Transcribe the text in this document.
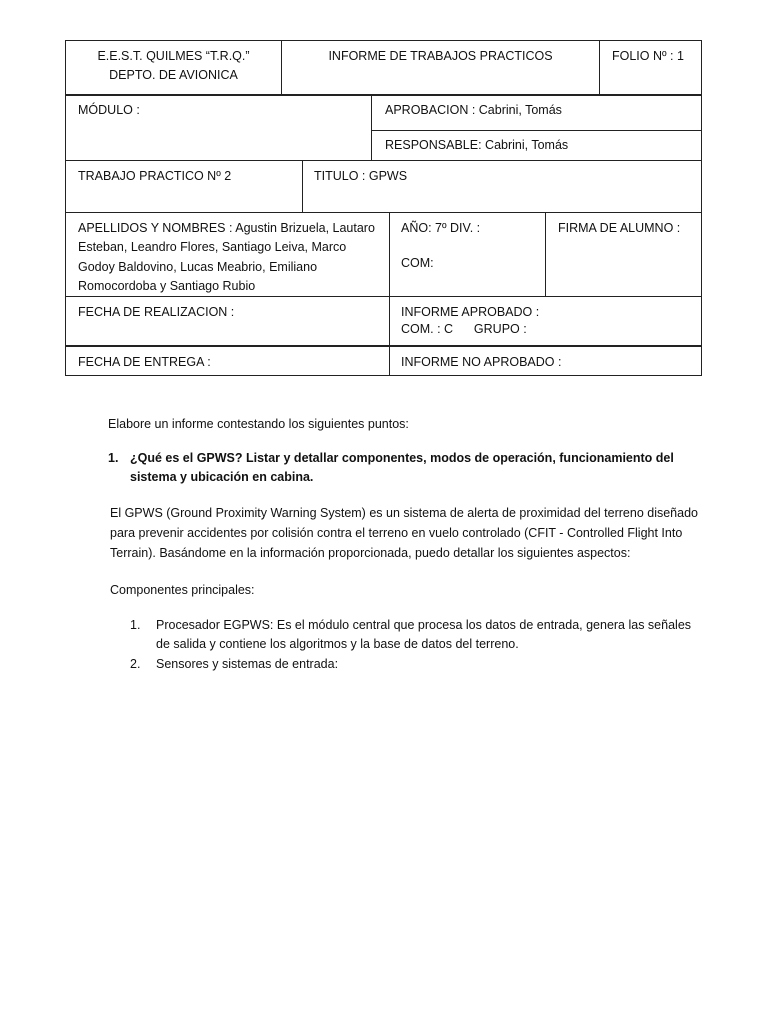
E.E.S.T. QUILMES “T.R.Q.”
DEPTO. DE AVIONICA
INFORME DE TRABAJOS PRACTICOS	FOLIO Nº : 1
MÓDULO :	APROBACION : Cabrini, Tomás
RESPONSABLE: Cabrini, Tomás
TRABAJO PRACTICO Nº 2	TITULO : GPWS
APELLIDOS Y NOMBRES : Agustin Brizuela, Lautaro Esteban, Leandro Flores, Santiago Leiva, Marco Godoy Baldovino, Lucas Meabrio, Emiliano Romocordoba y Santiago Rubio
AÑO: 7º DIV. :
COM:
FIRMA DE ALUMNO :
FECHA DE REALIZACION :	INFORME APROBADO :
COM. : C      GRUPO :
FECHA DE ENTREGA :	INFORME NO APROBADO :
Elabore un informe contestando los siguientes puntos:
1. ¿Qué es el GPWS? Listar y detallar componentes, modos de operación, funcionamiento del
sistema y ubicación en cabina.
El GPWS (Ground Proximity Warning System) es un sistema de alerta de proximidad del terreno diseñado para prevenir accidentes por colisión contra el terreno en vuelo controlado (CFIT - Controlled Flight Into Terrain). Basándome en la información proporcionada, puedo detallar los siguientes aspectos:
Componentes principales:
1. Procesador EGPWS: Es el módulo central que procesa los datos de entrada, genera las señales de salida y contiene los algoritmos y la base de datos del terreno.
2. Sensores y sistemas de entrada:
